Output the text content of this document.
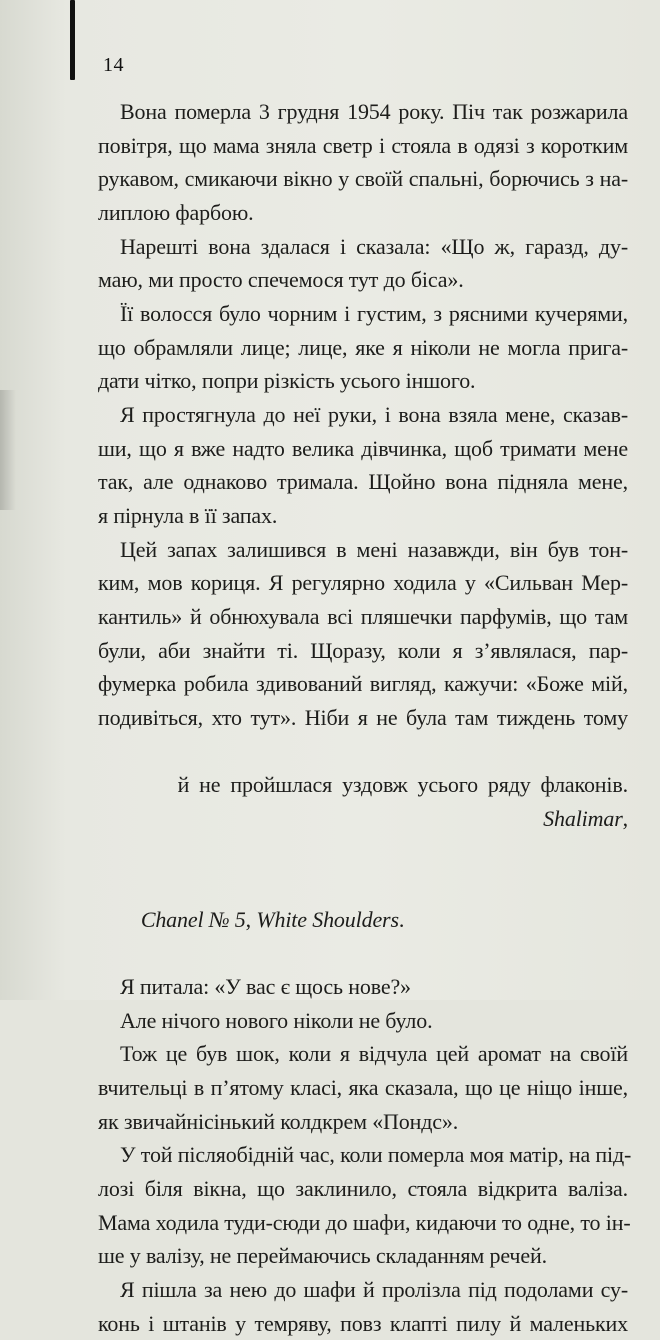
14

Вона померла 3 грудня 1954 року. Піч так розжарила
повітря, що мама зняла светр і стояла в одязі з коротким
рукавом, смикаючи вікно у своїй спальні, борючись з на-
липлою фарбою.

Нарешті вона здалася і сказала: «Що ж, гаразд, ду-
маю, ми просто спечемося тут до біса».

Її волосся було чорним і густим, з рясними кучерями,
що обрамляли лице; лице, яке я ніколи не могла прига-
дати чітко, попри різкість усього іншого.

Я простягнула до неї руки, і вона взяла мене, сказав-
ши, що я вже надто велика дівчинка, щоб тримати мене
так, але однаково тримала. Щойно вона підняла мене,
я пірнула в її запах.

Цей запах залишився в мені назавжди, він був тон-
ким, мов кориця. Я регулярно ходила у «Сильван Мер-
кантиль» й обнюхувала всі пляшечки парфумів, що там
були, аби знайти ті. Щоразу, коли я з’являлася, пар-
фумерка робила здивований вигляд, кажучи: «Боже мій,
подивіться, хто тут». Ніби я не була там тиждень тому

й не пройшлася уздовж усього ряду флаконів.
Shalimar,

Chanel № 5, White Shoulders.

Я питала: «У вас є щось нове?»

Але нічого нового ніколи не було.

Тож це був шок, коли я відчула цей аромат на своїй
вчительці в п’ятому класі, яка сказала, що це ніщо інше,
як звичайнісінький колдкрем «Пондс».

У той післяобідній час, коли померла моя матір, на під-
лозі біля вікна, що заклинило, стояла відкрита валіза.
Мама ходила туди-сюди до шафи, кидаючи то одне, то ін-
ше у валізу, не переймаючись складанням речей.

Я пішла за нею до шафи й пролізла під подолами су-
конь і штанів у темряву, повз клапті пилу й маленьких
